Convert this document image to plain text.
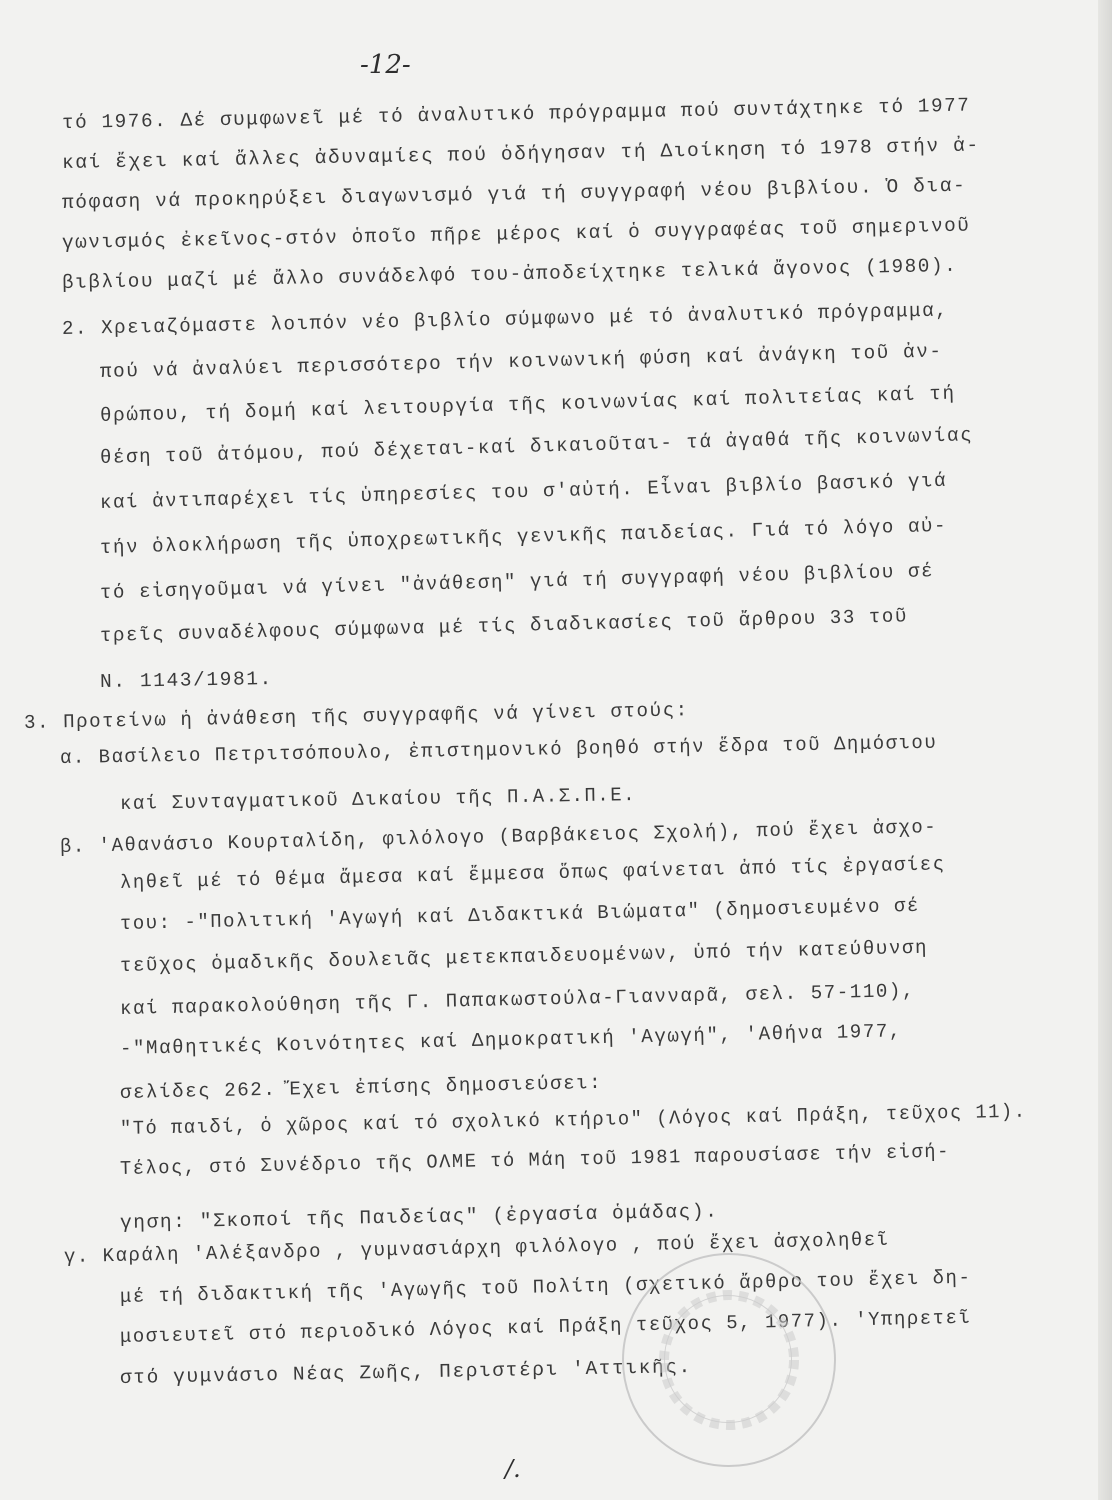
-12-
τό 1976. Δέ συμφωνεῖ μέ τό ἀναλυτικό πρόγραμμα πού συντάχτηκε τό 1977
καί ἔχει καί ἄλλες ἀδυναμίες πού ὁδήγησαν τή Διοίκηση τό 1978 στήν ἀ-
πόφαση νά προκηρύξει διαγωνισμό γιά τή συγγραφή νέου βιβλίου. Ὁ δια-
γωνισμός ἐκεῖνος-στόν ὁποῖο πῆρε μέρος καί ὁ συγγραφέας τοῦ σημερινοῦ
βιβλίου μαζί μέ ἄλλο συνάδελφό του-ἀποδείχτηκε τελικά ἄγονος (1980).
2. Χρειαζόμαστε λοιπόν νέο βιβλίο σύμφωνο μέ τό ἀναλυτικό πρόγραμμα,
πού νά ἀναλύει περισσότερο τήν κοινωνική φύση καί ἀνάγκη τοῦ ἀν-
θρώπου, τή δομή καί λειτουργία τῆς κοινωνίας καί πολιτείας καί τή
θέση τοῦ ἀτόμου, πού δέχεται-καί δικαιοῦται- τά ἀγαθά τῆς κοινωνίας
καί ἀντιπαρέχει τίς ὑπηρεσίες του σ'αὐτή. Εἶναι βιβλίο βασικό γιά
τήν ὁλοκλήρωση τῆς ὑποχρεωτικῆς γενικῆς παιδείας. Γιά τό λόγο αὐ-
τό εἰσηγοῦμαι νά γίνει "ἀνάθεση" γιά τή συγγραφή νέου βιβλίου σέ
τρεῖς συναδέλφους σύμφωνα μέ τίς διαδικασίες τοῦ ἄρθρου 33 τοῦ
Ν. 1143/1981.
3. Προτείνω ἡ ἀνάθεση τῆς συγγραφῆς νά γίνει στούς:
α. Βασίλειο Πετριτσόπουλο, ἐπιστημονικό βοηθό στήν ἕδρα τοῦ Δημόσιου
καί Συνταγματικοῦ Δικαίου τῆς Π.Α.Σ.Π.Ε.
β. 'Αθανάσιο Κουρταλίδη, φιλόλογο (Βαρβάκειος Σχολή), πού ἔχει ἀσχο-
ληθεῖ μέ τό θέμα ἄμεσα καί ἔμμεσα ὅπως φαίνεται ἀπό τίς ἐργασίες
του: -"Πολιτική 'Αγωγή καί Διδακτικά Βιώματα" (δημοσιευμένο σέ
τεῦχος ὁμαδικῆς δουλειᾶς μετεκπαιδευομένων, ὑπό τήν κατεύθυνση
καί παρακολούθηση τῆς Γ. Παπακωστούλα-Γιανναρᾶ, σελ. 57-110),
-"Μαθητικές Κοινότητες καί Δημοκρατική 'Αγωγή", 'Αθήνα 1977,
σελίδες 262. Ἔχει ἐπίσης δημοσιεύσει:
"Τό παιδί, ὁ χῶρος καί τό σχολικό κτήριο" (Λόγος καί Πράξη, τεῦχος 11).
Τέλος, στό Συνέδριο τῆς ΟΛΜΕ τό Μάη τοῦ 1981 παρουσίασε τήν εἰσή-
γηση: "Σκοποί τῆς Παιδείας" (ἐργασία ὁμάδας).
γ. Καράλη 'Αλέξανδρο , γυμνασιάρχη φιλόλογο , πού ἔχει ἀσχοληθεῖ
μέ τή διδακτική τῆς 'Αγωγῆς τοῦ Πολίτη (σχετικό ἄρθρο του ἔχει δη-
μοσιευτεῖ στό περιοδικό Λόγος καί Πράξη τεῦχος 5, 1977). 'Υπηρετεῖ
στό γυμνάσιο Νέας Ζωῆς, Περιστέρι 'Αττικῆς.
/.
